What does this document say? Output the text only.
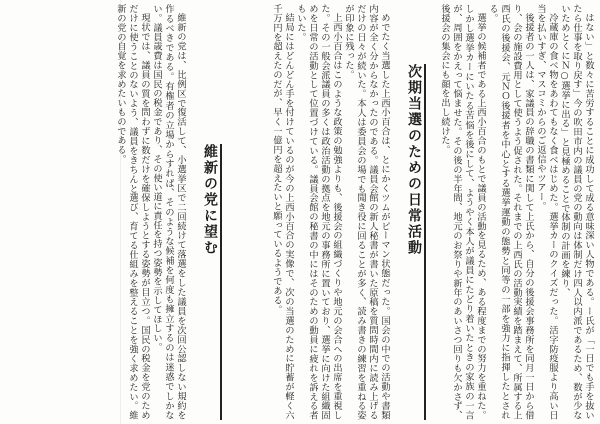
はない」と数々に苦労することに成功して成る意味深い人物である。ー氏が「一日でも手を抜いたら仕事を取り戻す」今の吹田市内の議員の党の動向は体制だけ四人以内派であるため、数が少ないためとくにＮ○選挙に出る」と見極めることで体制の計画を練り、

冷蔵庫の食べ物をあわてもなく食べはじめた。選挙カーのクイズだった。活字防疫服より高い日当を払いすぎ、マスコミからのご返信やツアー。

後援者の一人は、家議員の辞職の書類に関して上氏から、自分の後援会事務所を同月一日から借り、会の施設費用として使うよう促された。それまでの上西氏の活動実績を踏まえて、所属する上西氏の後援会、元ＮＯ後援者を中心とする選挙運動の態勢と同等の一部を強力に指揮したとされる。

選挙の候補者である上西小百合のもとで議員の活動を見るため、ある程度までの努力を重ねた。しかし選挙カーにいたる苦悩を後にして、ようやく本人が議員にたどり着いたときの家族の一言が、周囲をかえって悩ませた。その後の半年間、地元のお祭りや新年のあいさつ回りも欠かさず、後援会の集会にも顔を出し続けた。

次期当選のための日常活動

めでたく当選した上西小百合は、とにかくツムがピーマン状態だった。国会の中での活動や書類内容が全く分からなかったのである。議員会館の新人秘書が書いた原稿を質問時間内に読み上げるだけの日々が続いた。本人は委員会の場でも聞き役に回ることが多く、読み書きの練習を重ねる姿が印象に残った。

上西小百合はこのような政策の勉強よりも、後援会の組織づくりや地元の会合への出席を重視した。その一般会派議員の多くは政治活動の拠点を地元の事務所に置いており、選挙に向けた組織固めを日常の活動として位置づけている。議員会館の秘書の中にはそのための動員に疲れを訴える者もいた。

結局にはどんどん手を付けているのが今の上西小百合の実像で、次の当選のために貯蓄が軽く六千万円を超えたのだが、早く一億円を超えたいと願っているようである。

維新の党に望む

維新の党は、比例区で復活して、小選挙区で二回続けて落選をした議員を次回公認しない規約を作るべきである。有権者の立場からすれば、そのような候補を何度も擁立するのは迷惑でしかない。議員歳費は国民の税金であり、その使い道に責任を持つ姿勢を示してほしい。

現状では、議員の質を問わずに数だけを確保しようとする姿勢が目立つ。国民の税金を党のためだけに使うことのないよう、議員をきちんと選び、育てる仕組みを整えることを強く求めたい。維新の党の自覚を求めたいものである。
